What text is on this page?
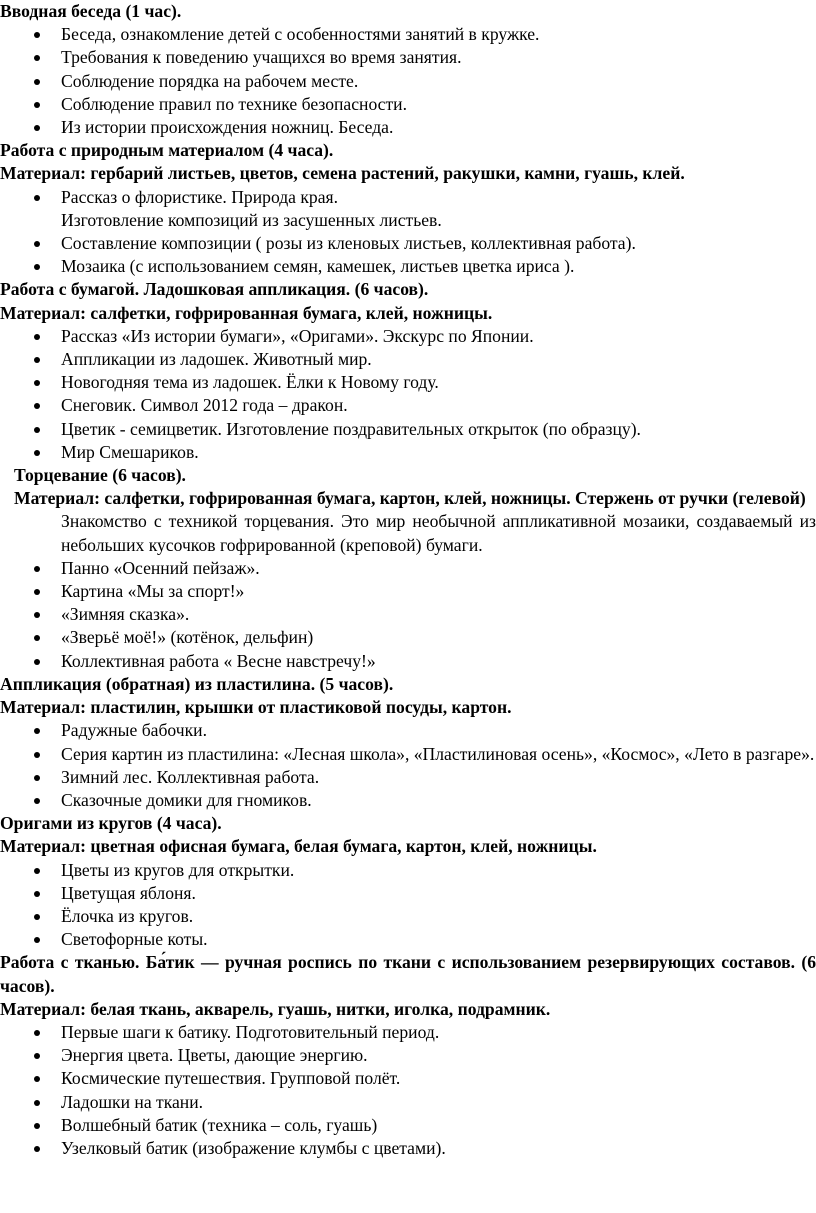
Вводная беседа (1 час).
Беседа, ознакомление детей с особенностями занятий в кружке.
Требования к поведению учащихся во время занятия.
Соблюдение порядка на рабочем месте.
Соблюдение правил по технике безопасности.
Из истории происхождения ножниц. Беседа.
Работа с природным материалом (4 часа).
Материал: гербарий листьев, цветов, семена растений, ракушки, камни, гуашь, клей.
Рассказ о флористике. Природа края.
Изготовление композиций из засушенных листьев.
Составление композиции ( розы из кленовых листьев, коллективная работа).
Мозаика (с использованием семян, камешек, листьев цветка ириса ).
Работа с бумагой. Ладошковая аппликация. (6 часов).
Материал: салфетки, гофрированная бумага, клей, ножницы.
Рассказ «Из истории бумаги», «Оригами». Экскурс по Японии.
Аппликации из ладошек. Животный мир.
Новогодняя тема из ладошек. Ёлки к Новому году.
Снеговик. Символ 2012 года – дракон.
Цветик - семицветик. Изготовление поздравительных открыток (по образцу).
Мир Смешариков.
Торцевание (6 часов).
Материал: салфетки, гофрированная бумага, картон, клей, ножницы. Стержень от ручки (гелевой)
Знакомство с техникой торцевания. Это мир необычной аппликативной мозаики, создаваемый из небольших кусочков гофрированной (креповой) бумаги.
Панно «Осенний пейзаж».
Картина «Мы за спорт!»
«Зимняя сказка».
«Зверьё моё!» (котёнок, дельфин)
Коллективная работа « Весне навстречу!»
Аппликация (обратная) из пластилина. (5 часов).
Материал: пластилин, крышки от пластиковой посуды, картон.
Радужные бабочки.
Серия картин из пластилина: «Лесная школа», «Пластилиновая осень», «Космос», «Лето в разгаре».
Зимний лес. Коллективная работа.
Сказочные домики для гномиков.
Оригами из кругов (4 часа).
Материал: цветная офисная бумага, белая бумага, картон, клей, ножницы.
Цветы из кругов для открытки.
Цветущая яблоня.
Ёлочка из кругов.
Светофорные коты.
Работа с тканью. Ба́тик — ручная роспись по ткани с использованием резервирующих составов. (6 часов).
Материал: белая ткань, акварель, гуашь, нитки, иголка, подрамник.
Первые шаги к батику. Подготовительный период.
Энергия цвета. Цветы, дающие энергию.
Космические путешествия. Групповой полёт.
Ладошки на ткани.
Волшебный батик (техника – соль, гуашь)
Узелковый батик (изображение клумбы с цветами).
